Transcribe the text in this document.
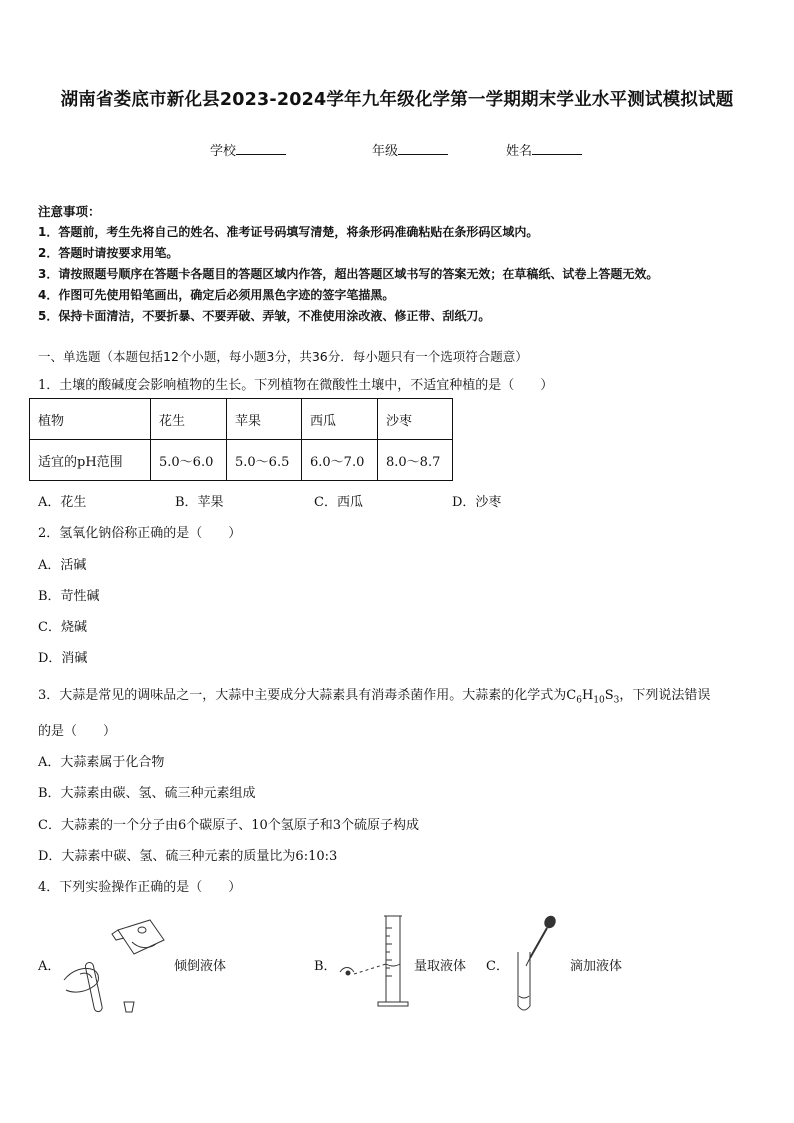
湖南省娄底市新化县2023-2024学年九年级化学第一学期期末学业水平测试模拟试题
学校	年级	姓名
注意事项：
1．答题前，考生先将自己的姓名、准考证号码填写清楚，将条形码准确粘贴在条形码区域内。
2．答题时请按要求用笔。
3．请按照题号顺序在答题卡各题目的答题区域内作答，超出答题区域书写的答案无效；在草稿纸、试卷上答题无效。
4．作图可先使用铅笔画出，确定后必须用黑色字迹的签字笔描黑。
5．保持卡面清洁，不要折暴、不要弄破、弄皱，不准使用涂改液、修正带、刮纸刀。
一、单选题（本题包括12个小题，每小题3分，共36分．每小题只有一个选项符合题意）
1．土壤的酸碱度会影响植物的生长。下列植物在微酸性土壤中，不适宜种植的是（　　）
植物	花生	苹果	西瓜	沙枣
适宜的pH范围	5.0～6.0	5.0～6.5	6.0～7.0	8.0～8.7
A．花生	B．苹果	C．西瓜	D．沙枣
2．氢氧化钠俗称正确的是（　　）
A．活碱
B．苛性碱
C．烧碱
D．消碱
3．大蒜是常见的调味品之一，大蒜中主要成分大蒜素具有消毒杀菌作用。大蒜素的化学式为$C_6H_{10}S_3$，下列说法错误
的是（　　）
A．大蒜素属于化合物
B．大蒜素由碳、氢、硫三种元素组成
C．大蒜素的一个分子由6个碳原子、10个氢原子和3个硫原子构成
D．大蒜素中碳、氢、硫三种元素的质量比为6:10:3
4．下列实验操作正确的是（　　）
A．	倾倒液体	B．	量取液体 C．	滴加液体
